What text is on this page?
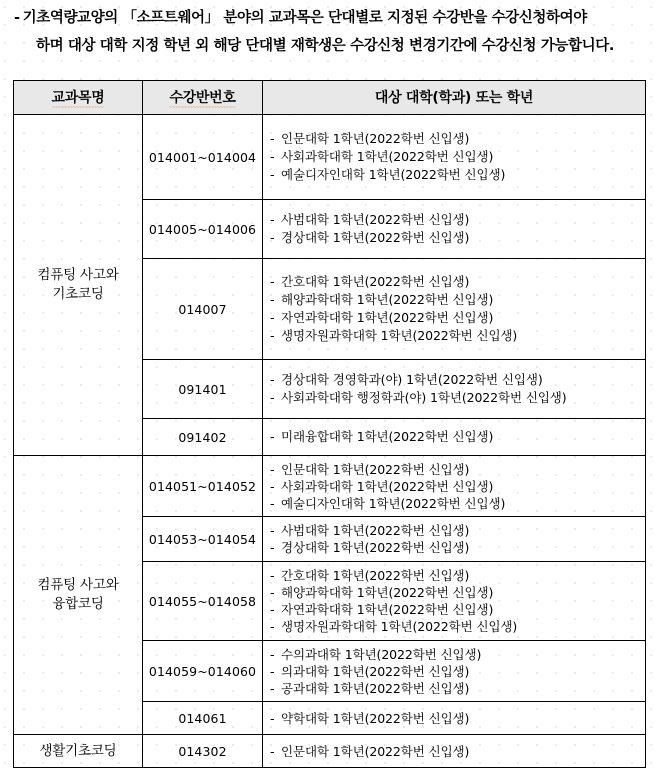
- 기초역량교양의 「소프트웨어」 분야의 교과목은 단대별로 지정된 수강반을 수강신청하여야
하며 대상 대학 지정 학년 외 해당 단대별 재학생은 수강신청 변경기간에 수강신청 가능합니다.
교과목명	수강반번호	대상 대학(학과) 또는 학년

컴퓨팅 사고와
기초코딩
	014001~014004	
- 인문대학 1학년(2022학번 신입생)
- 사회과학대학 1학년(2022학번 신입생)
- 예술디자인대학 1학년(2022학번 신입생)

014005~014006	
- 사범대학 1학년(2022학번 신입생)
- 경상대학 1학년(2022학번 신입생)

014007	
- 간호대학 1학년(2022학번 신입생)
- 해양과학대학 1학년(2022학번 신입생)
- 자연과학대학 1학년(2022학번 신입생)
- 생명자원과학대학 1학년(2022학번 신입생)

091401	
- 경상대학 경영학과(야) 1학년(2022학번 신입생)
- 사회과학대학 행정학과(야) 1학년(2022학번 신입생)

091402	- 미래융합대학 1학년(2022학번 신입생)

컴퓨팅 사고와
융합코딩
	014051~014052	
- 인문대학 1학년(2022학번 신입생)
- 사회과학대학 1학년(2022학번 신입생)
- 예술디자인대학 1학년(2022학번 신입생)

014053~014054	
- 사범대학 1학년(2022학번 신입생)
- 경상대학 1학년(2022학번 신입생)

014055~014058	
- 간호대학 1학년(2022학번 신입생)
- 해양과학대학 1학년(2022학번 신입생)
- 자연과학대학 1학년(2022학번 신입생)
- 생명자원과학대학 1학년(2022학번 신입생)

014059~014060	
- 수의과대학 1학년(2022학번 신입생)
- 의과대학 1학년(2022학번 신입생)
- 공과대학 1학년(2022학번 신입생)

014061	- 약학대학 1학년(2022학번 신입생)

생활기초코딩	014302	- 인문대학 1학년(2022학번 신입생)
